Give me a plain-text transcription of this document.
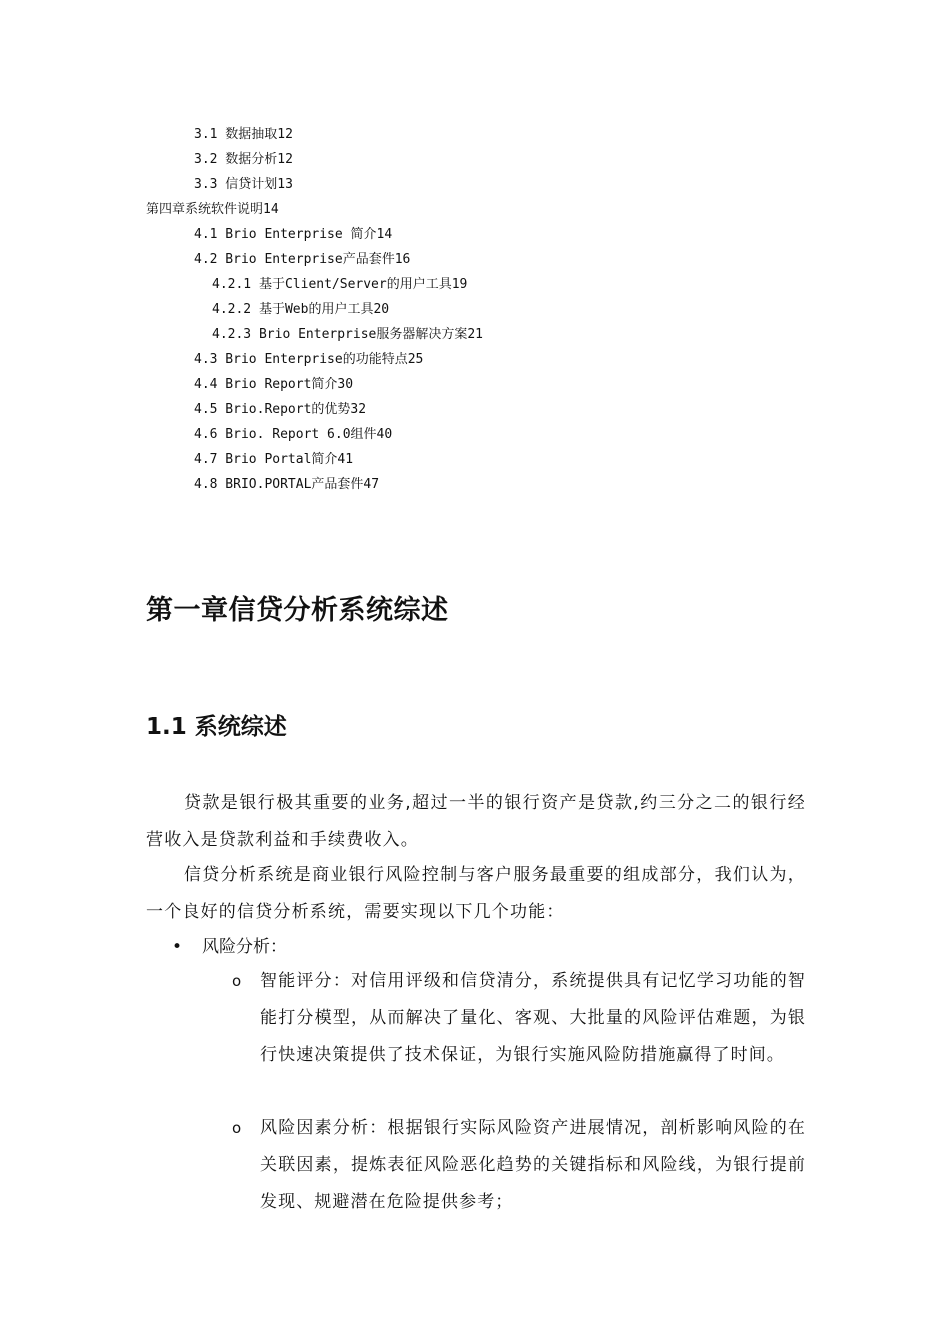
3.1 数据抽取12
3.2 数据分析12
3.3 信贷计划13
第四章系统软件说明14
4.1 Brio Enterprise 简介14
4.2 Brio Enterprise产品套件16
4.2.1 基于Client/Server的用户工具19
4.2.2 基于Web的用户工具20
4.2.3 Brio Enterprise服务器解决方案21
4.3 Brio Enterprise的功能特点25
4.4 Brio Report简介30
4.5 Brio.Report的优势32
4.6 Brio. Report 6.0组件40
4.7 Brio Portal简介41
4.8 BRIO.PORTAL产品套件47
第一章信贷分析系统综述
1.1 系统综述

贷款是银行极其重要的业务,超过一半的银行资产是贷款,约三分之二的银行经营收入是贷款利益和手续费收入。

信贷分析系统是商业银行风险控制与客户服务最重要的组成部分，我们认为，一个良好的信贷分析系统，需要实现以下几个功能：

• 风险分析：
o 智能评分：对信用评级和信贷清分，系统提供具有记忆学习功能的智能打分模型，从而解决了量化、客观、大批量的风险评估难题，为银行快速决策提供了技术保证，为银行实施风险防措施赢得了时间。
o 风险因素分析：根据银行实际风险资产进展情况，剖析影响风险的在关联因素，提炼表征风险恶化趋势的关键指标和风险线，为银行提前发现、规避潜在危险提供参考；
